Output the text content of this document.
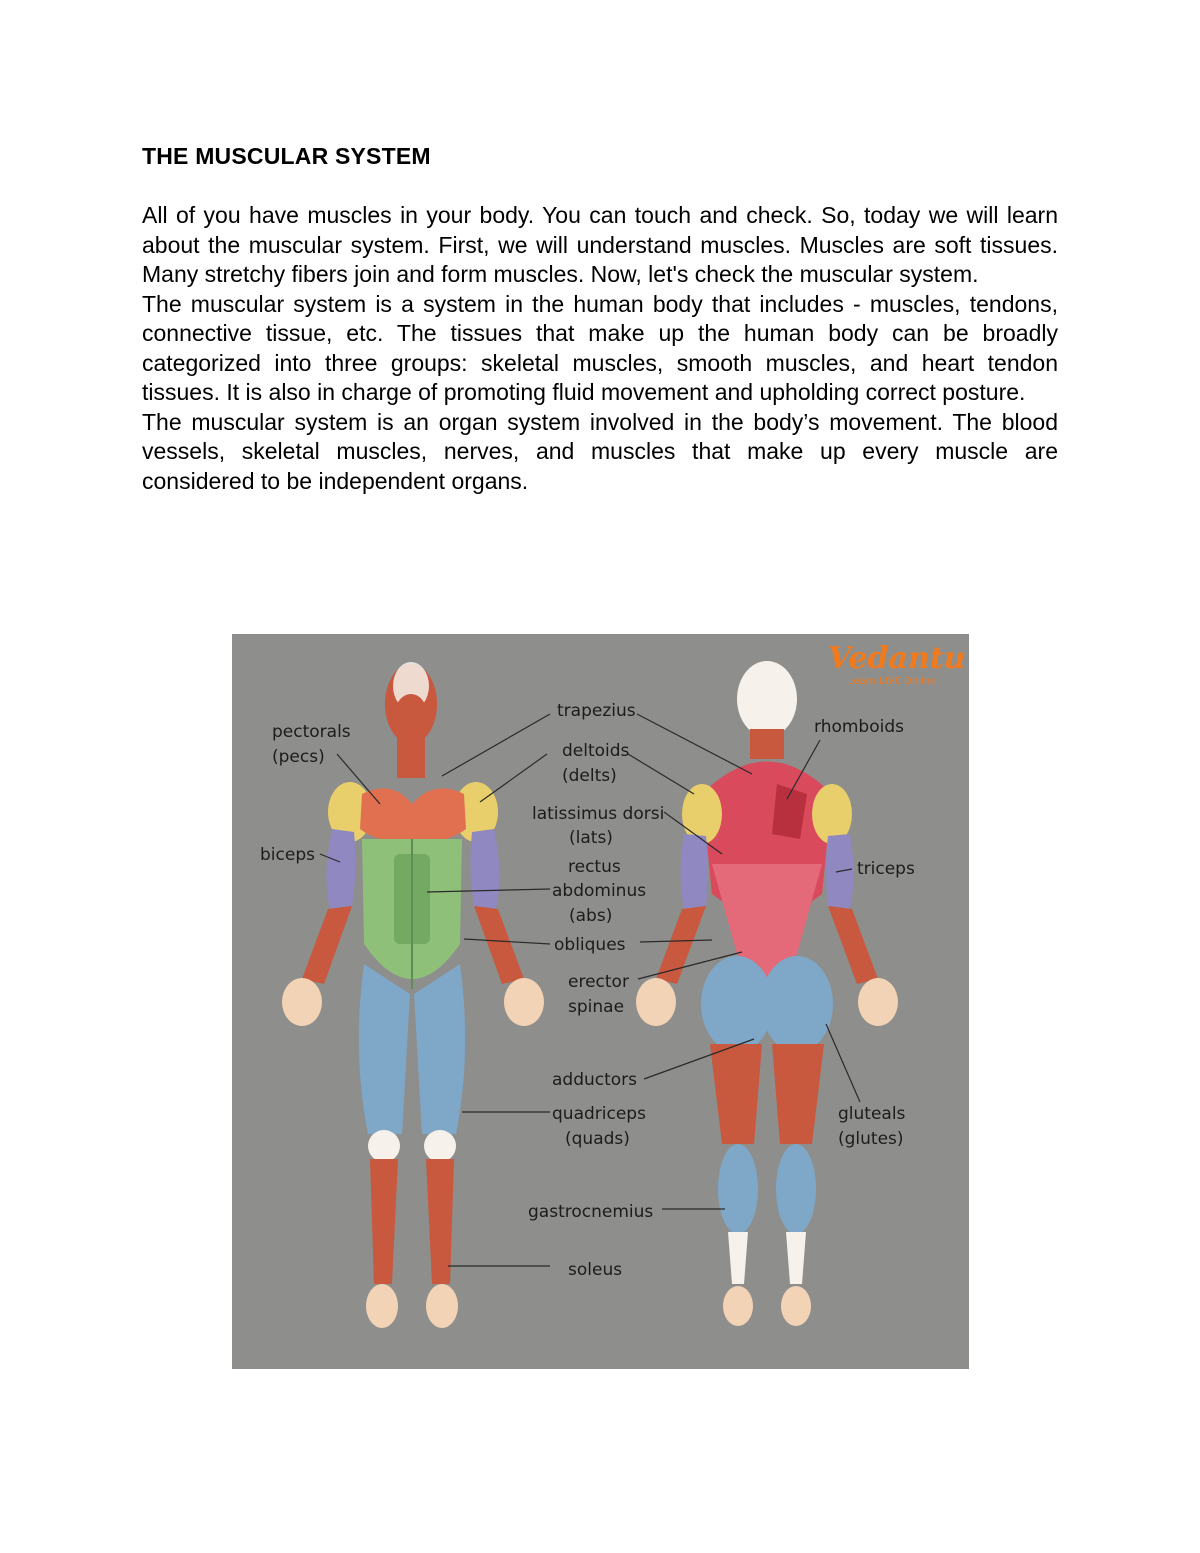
THE MUSCULAR SYSTEM

All of you have muscles in your body. You can touch and check. So, today we will learn about the muscular system. First, we will understand muscles. Muscles are soft tissues. Many stretchy fibers join and form muscles. Now, let's check the muscular system.

The muscular system is a system in the human body that includes - muscles, tendons, connective tissue, etc. The tissues that make up the human body can be broadly categorized into three groups: skeletal muscles, smooth muscles, and heart tendon tissues. It is also in charge of promoting fluid movement and upholding correct posture.

The muscular system is an organ system involved in the body’s movement. The blood vessels, skeletal muscles, nerves, and muscles that make up every muscle are considered to be independent organs.

pectorals
(pecs)
biceps
trapezius
deltoids
(delts)
latissimus dorsi
(lats)
rectus
abdominus
(abs)
obliques
erector
spinae
adductors
quadriceps
(quads)
gastrocnemius
soleus
rhomboids
triceps
gluteals
(glutes)
Vedantu
Learn LIVE Online
